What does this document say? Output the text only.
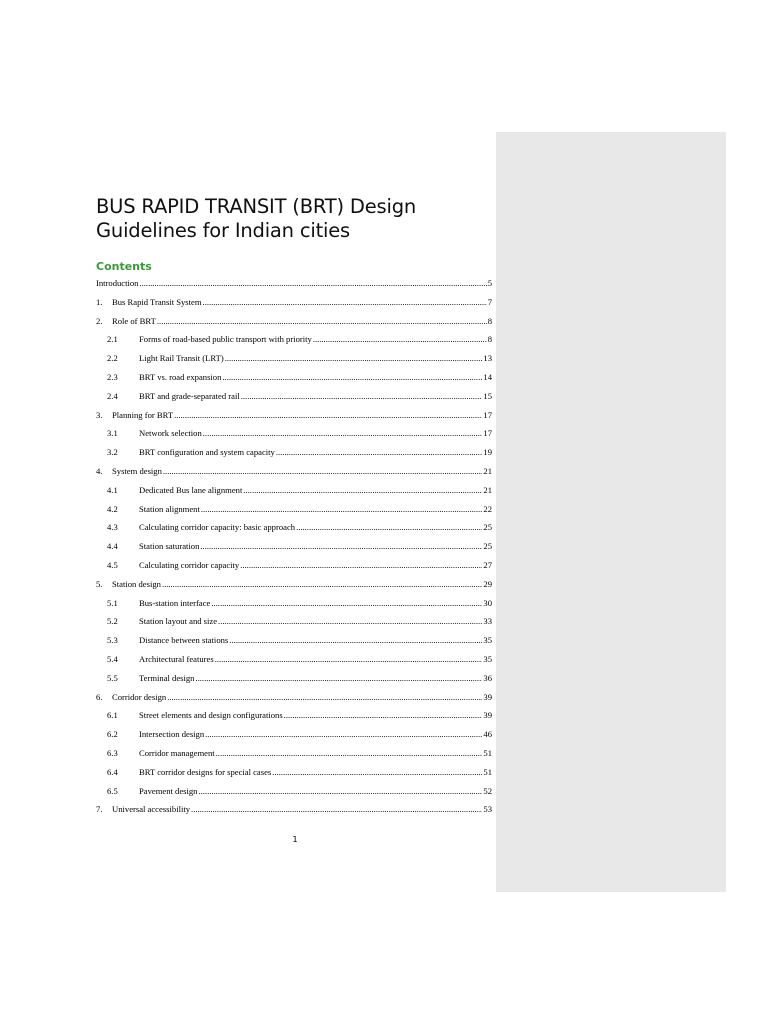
BUS RAPID TRANSIT (BRT) Design Guidelines for Indian cities
Contents
Introduction .....	5
1.	Bus Rapid Transit System .....	7
2.	Role of BRT .....	8
2.1	Forms of road-based public transport with priority .....	8
2.2	Light Rail Transit (LRT) .....	13
2.3	BRT vs. road expansion .....	14
2.4	BRT and grade-separated rail .....	15
3.	Planning for BRT .....	17
3.1	Network selection .....	17
3.2	BRT configuration and system capacity .....	19
4.	System design .....	21
4.1	Dedicated Bus lane alignment .....	21
4.2	Station alignment .....	22
4.3	Calculating corridor capacity: basic approach .....	25
4.4	Station saturation .....	25
4.5	Calculating corridor capacity .....	27
5.	Station design .....	29
5.1	Bus-station interface .....	30
5.2	Station layout and size .....	33
5.3	Distance between stations .....	35
5.4	Architectural features .....	35
5.5	Terminal design .....	36
6.	Corridor design .....	39
6.1	Street elements and design configurations .....	39
6.2	Intersection design .....	46
6.3	Corridor management .....	51
6.4	BRT corridor designs for special cases .....	51
6.5	Pavement design .....	52
7.	Universal accessibility .....	53
1
